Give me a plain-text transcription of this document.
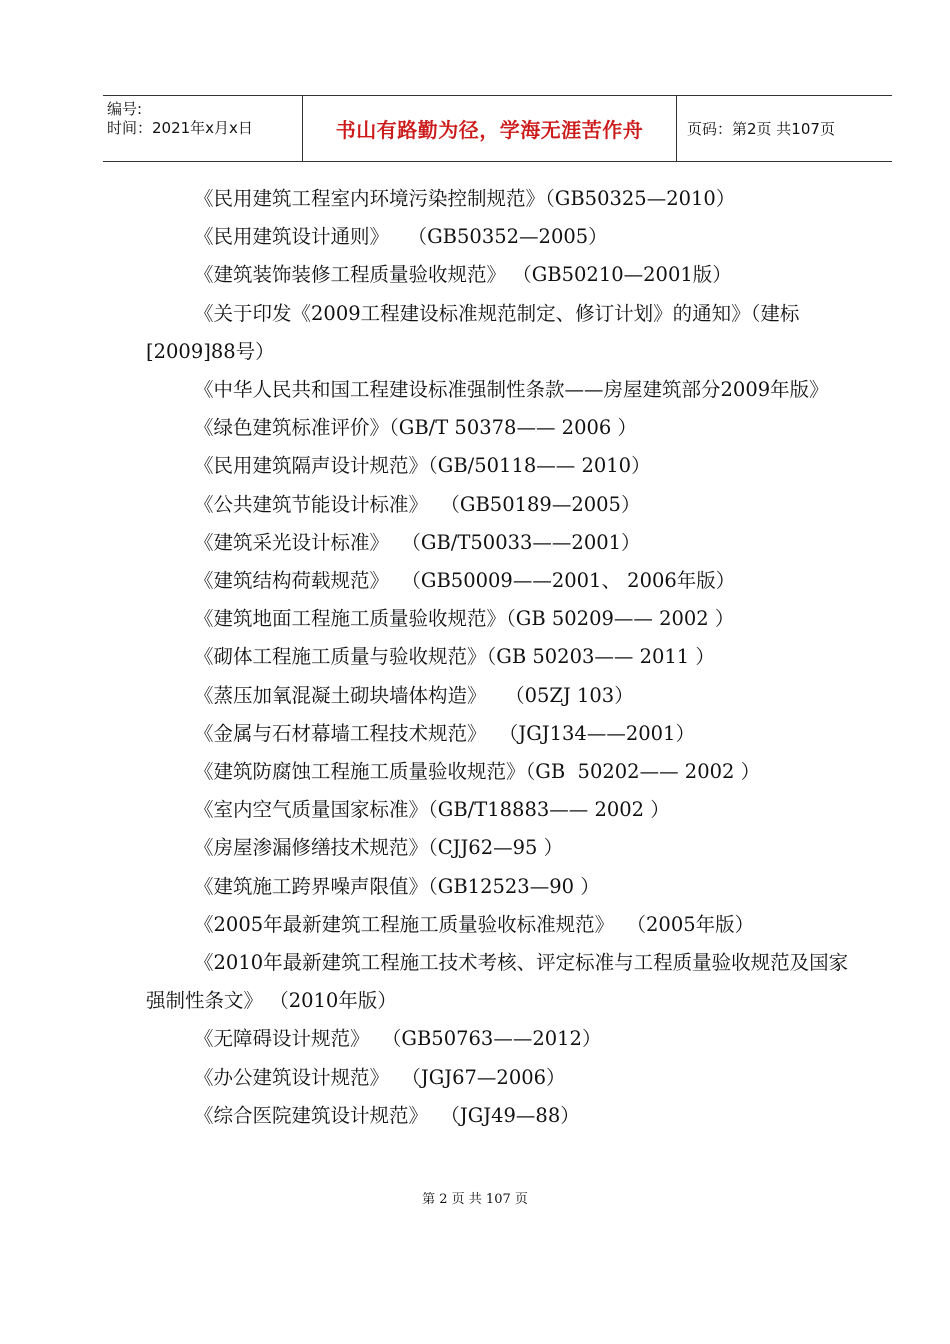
编号:
时间：2021年x月x日	书山有路勤为径，学海无涯苦作舟	页码：第2页 共107页

《民用建筑工程室内环境污染控制规范》（GB50325—2010）

《民用建筑设计通则》   （GB50352—2005）

《建筑装饰装修工程质量验收规范》 （GB50210—2001版）

《关于印发《2009工程建设标准规范制定、修订计划》的通知》（建标[2009]88号）

《中华人民共和国工程建设标准强制性条款——房屋建筑部分2009年版》

《绿色建筑标准评价》（GB/T 50378—— 2006 ）

《民用建筑隔声设计规范》（GB/50118—— 2010）

《公共建筑节能设计标准》  （GB50189—2005）

《建筑采光设计标准》  （GB/T50033——2001）

《建筑结构荷载规范》  （GB50009——2001、 2006年版）

《建筑地面工程施工质量验收规范》（GB 50209—— 2002 ）

《砌体工程施工质量与验收规范》（GB 50203—— 2011 ）

《蒸压加氧混凝土砌块墙体构造》   （05ZJ 103）

《金属与石材幕墙工程技术规范》  （JGJ134——2001）

《建筑防腐蚀工程施工质量验收规范》（GB  50202—— 2002 ）

《室内空气质量国家标准》（GB/T18883—— 2002 ）

《房屋渗漏修缮技术规范》（CJJ62—95 ）

《建筑施工跨界噪声限值》（GB12523—90 ）

《2005年最新建筑工程施工质量验收标准规范》  （2005年版）

《2010年最新建筑工程施工技术考核、评定标准与工程质量验收规范及国家强制性条文》 （2010年版）

《无障碍设计规范》  （GB50763——2012）

《办公建筑设计规范》  （JGJ67—2006）

《综合医院建筑设计规范》  （JGJ49—88）

第 2 页 共 107 页
